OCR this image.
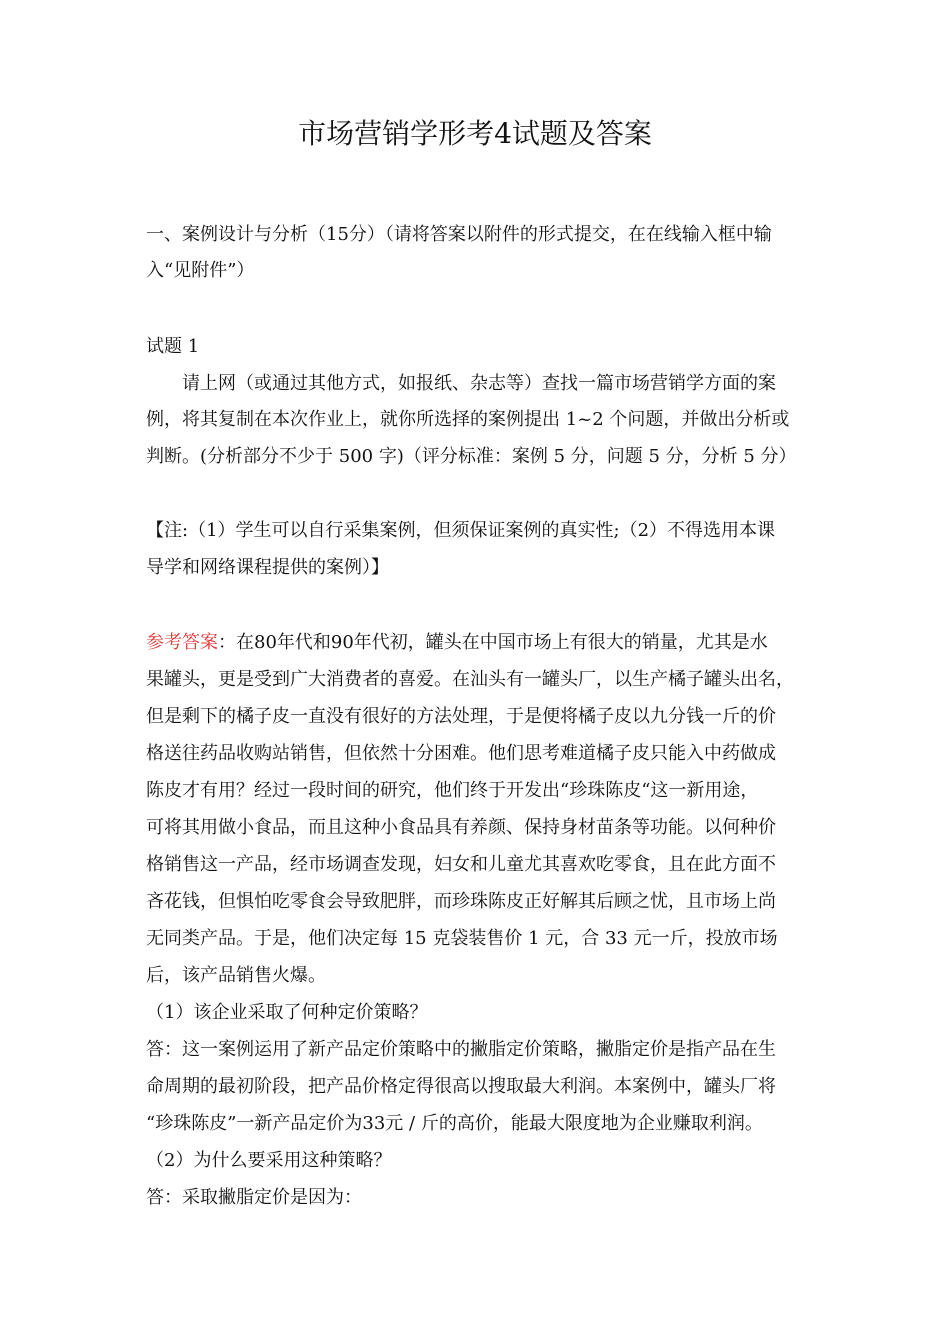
市场营销学形考4试题及答案
一、案例设计与分析（15分）（请将答案以附件的形式提交，在在线输入框中输
入“见附件”）
试题 1
请上网（或通过其他方式，如报纸、杂志等）查找一篇市场营销学方面的案
例，将其复制在本次作业上，就你所选择的案例提出 1~2 个问题，并做出分析或
判断。(分析部分不少于 500 字)（评分标准：案例 5 分，问题 5 分，分析 5 分）
【注:（1）学生可以自行采集案例，但须保证案例的真实性;（2）不得选用本课
导学和网络课程提供的案例）】
参考答案：在80年代和90年代初，罐头在中国市场上有很大的销量，尤其是水
果罐头，更是受到广大消费者的喜爱。在汕头有一罐头厂，以生产橘子罐头出名，
但是剩下的橘子皮一直没有很好的方法处理，于是便将橘子皮以九分钱一斤的价
格送往药品收购站销售，但依然十分困难。他们思考难道橘子皮只能入中药做成
陈皮才有用？经过一段时间的研究，他们终于开发出“珍珠陈皮“这一新用途，
可将其用做小食品，而且这种小食品具有养颜、保持身材苗条等功能。以何种价
格销售这一产品，经市场调查发现，妇女和儿童尤其喜欢吃零食，且在此方面不
吝花钱，但惧怕吃零食会导致肥胖，而珍珠陈皮正好解其后顾之忧，且市场上尚
无同类产品。于是，他们决定每 15 克袋装售价 1 元，合 33 元一斤，投放市场
后，该产品销售火爆。
（1）该企业采取了何种定价策略？
答：这一案例运用了新产品定价策略中的撇脂定价策略，撇脂定价是指产品在生
命周期的最初阶段，把产品价格定得很高以搜取最大利润。本案例中，罐头厂将
“珍珠陈皮”一新产品定价为33元 / 斤的高价，能最大限度地为企业赚取利润。
（2）为什么要采用这种策略？
答：采取撇脂定价是因为：
